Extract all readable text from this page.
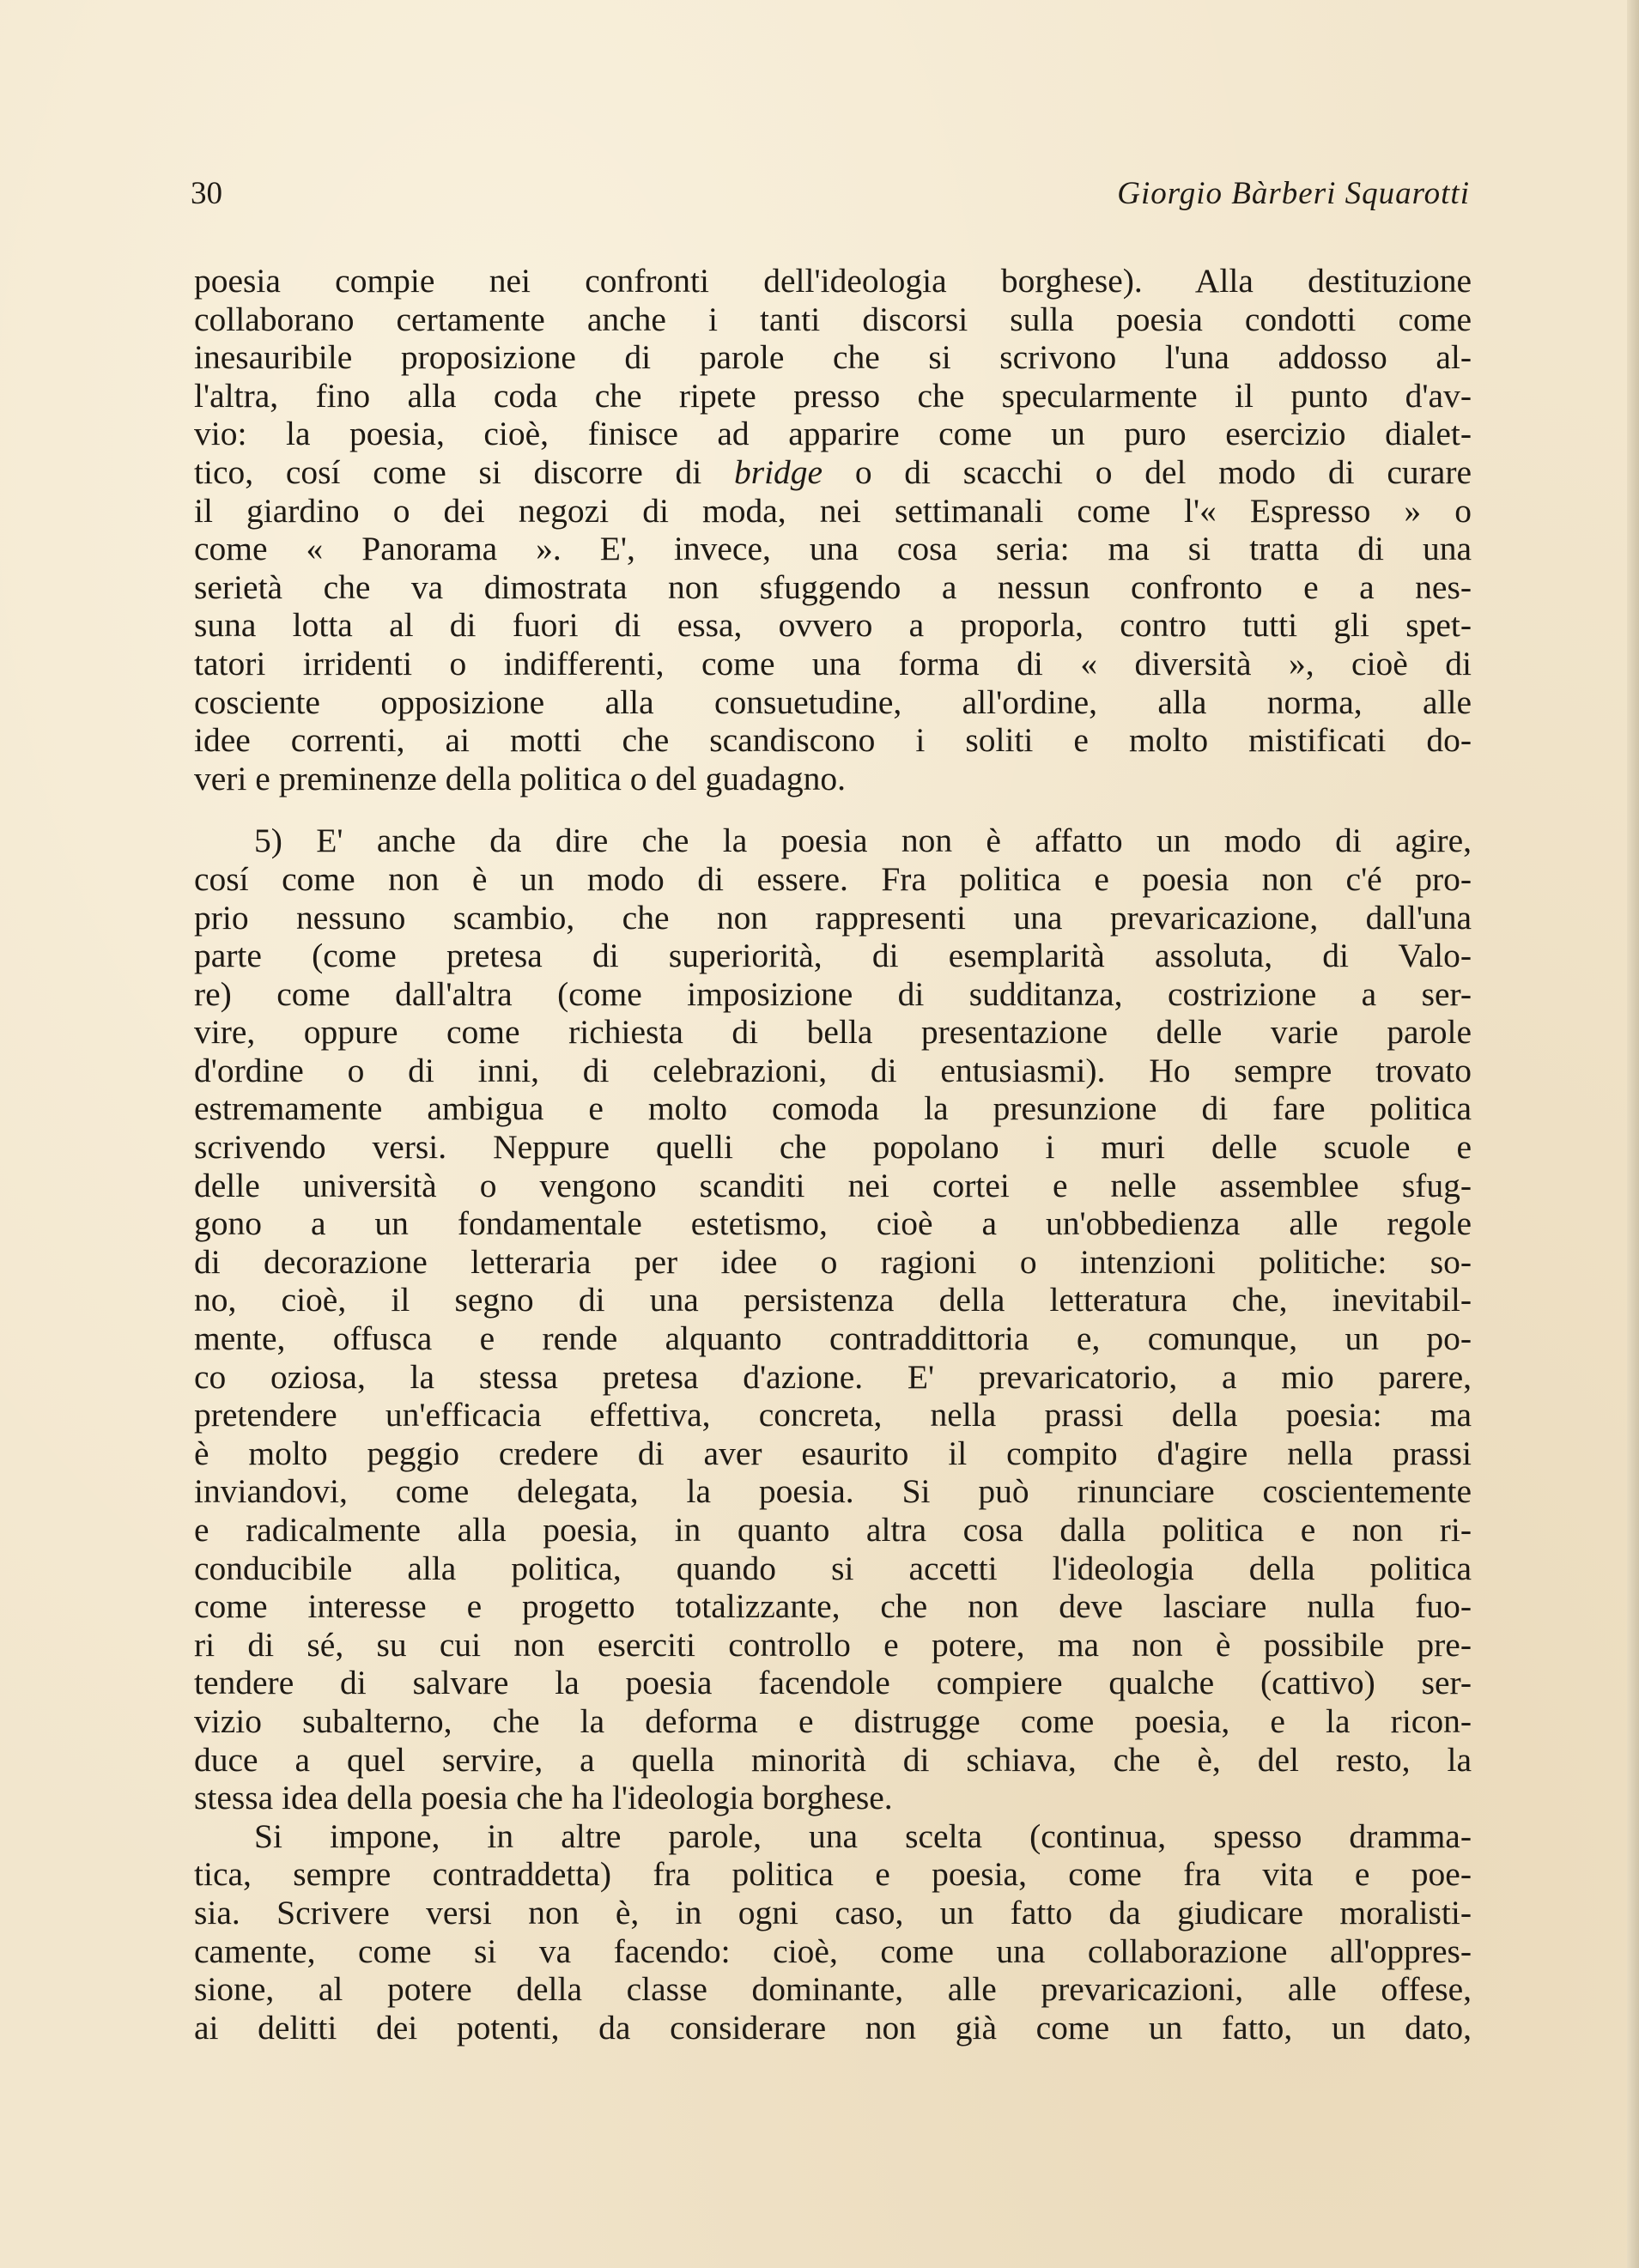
30	Giorgio Bàrberi Squarotti
poesia compie nei confronti dell'ideologia borghese). Alla destituzione
collaborano certamente anche i tanti discorsi sulla poesia condotti come
inesauribile proposizione di parole che si scrivono l'una addosso al-
l'altra, fino alla coda che ripete presso che specularmente il punto d'av-
vio: la poesia, cioè, finisce ad apparire come un puro esercizio dialet-
tico, cosí come si discorre di bridge o di scacchi o del modo di curare
il giardino o dei negozi di moda, nei settimanali come l'« Espresso » o
come « Panorama ». E', invece, una cosa seria: ma si tratta di una
serietà che va dimostrata non sfuggendo a nessun confronto e a nes-
suna lotta al di fuori di essa, ovvero a proporla, contro tutti gli spet-
tatori irridenti o indifferenti, come una forma di « diversità », cioè di
cosciente opposizione alla consuetudine, all'ordine, alla norma, alle
idee correnti, ai motti che scandiscono i soliti e molto mistificati do-
veri e preminenze della politica o del guadagno.
5) E' anche da dire che la poesia non è affatto un modo di agire,
cosí come non è un modo di essere. Fra politica e poesia non c'é pro-
prio nessuno scambio, che non rappresenti una prevaricazione, dall'una
parte (come pretesa di superiorità, di esemplarità assoluta, di Valo-
re) come dall'altra (come imposizione di sudditanza, costrizione a ser-
vire, oppure come richiesta di bella presentazione delle varie parole
d'ordine o di inni, di celebrazioni, di entusiasmi). Ho sempre trovato
estremamente ambigua e molto comoda la presunzione di fare politica
scrivendo versi. Neppure quelli che popolano i muri delle scuole e
delle università o vengono scanditi nei cortei e nelle assemblee sfug-
gono a un fondamentale estetismo, cioè a un'obbedienza alle regole
di decorazione letteraria per idee o ragioni o intenzioni politiche: so-
no, cioè, il segno di una persistenza della letteratura che, inevitabil-
mente, offusca e rende alquanto contraddittoria e, comunque, un po-
co oziosa, la stessa pretesa d'azione. E' prevaricatorio, a mio parere,
pretendere un'efficacia effettiva, concreta, nella prassi della poesia: ma
è molto peggio credere di aver esaurito il compito d'agire nella prassi
inviandovi, come delegata, la poesia. Si può rinunciare coscientemente
e radicalmente alla poesia, in quanto altra cosa dalla politica e non ri-
conducibile alla politica, quando si accetti l'ideologia della politica
come interesse e progetto totalizzante, che non deve lasciare nulla fuo-
ri di sé, su cui non eserciti controllo e potere, ma non è possibile pre-
tendere di salvare la poesia facendole compiere qualche (cattivo) ser-
vizio subalterno, che la deforma e distrugge come poesia, e la ricon-
duce a quel servire, a quella minorità di schiava, che è, del resto, la
stessa idea della poesia che ha l'ideologia borghese.
Si impone, in altre parole, una scelta (continua, spesso dramma-
tica, sempre contraddetta) fra politica e poesia, come fra vita e poe-
sia. Scrivere versi non è, in ogni caso, un fatto da giudicare moralisti-
camente, come si va facendo: cioè, come una collaborazione all'oppres-
sione, al potere della classe dominante, alle prevaricazioni, alle offese,
ai delitti dei potenti, da considerare non già come un fatto, un dato,
